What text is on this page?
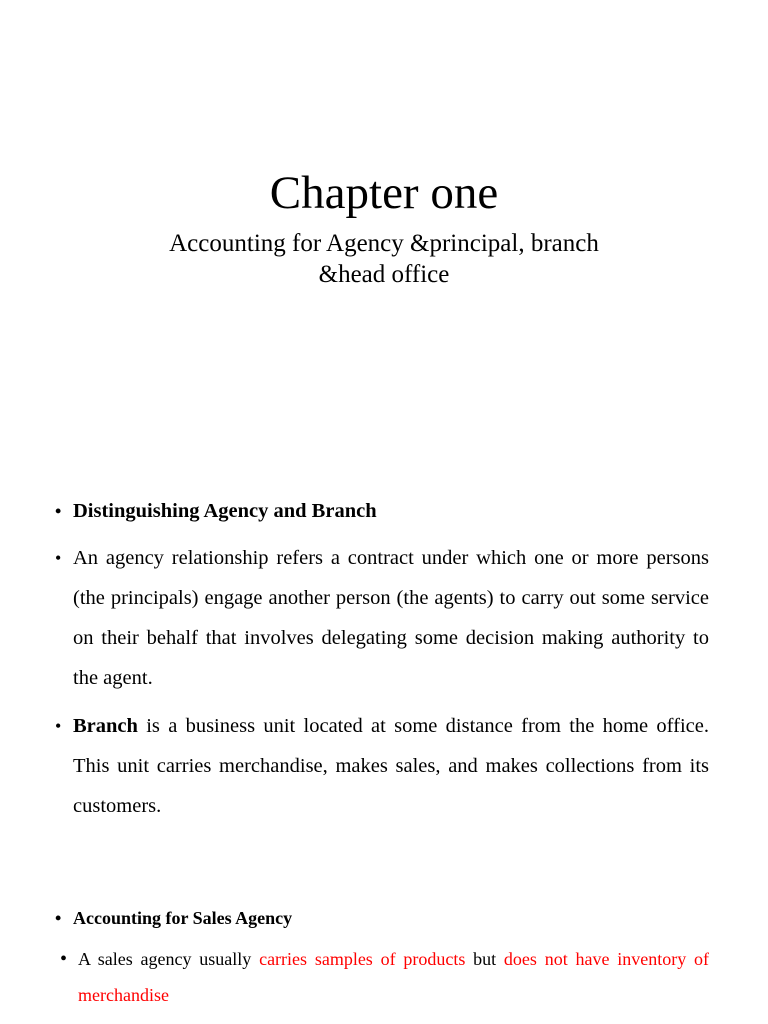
Chapter one
Accounting for Agency &principal, branch
&head office

• Distinguishing Agency and Branch

• An agency relationship refers a contract under which one or more persons (the principals) engage another person (the agents) to carry out some service on their behalf that involves delegating some decision making authority to the agent.

• Branch is a business unit located at some distance from the home office. This unit carries merchandise, makes sales, and makes collections from its customers.

• Accounting for Sales Agency

• A sales agency usually carries samples of products but does not have inventory of merchandise
